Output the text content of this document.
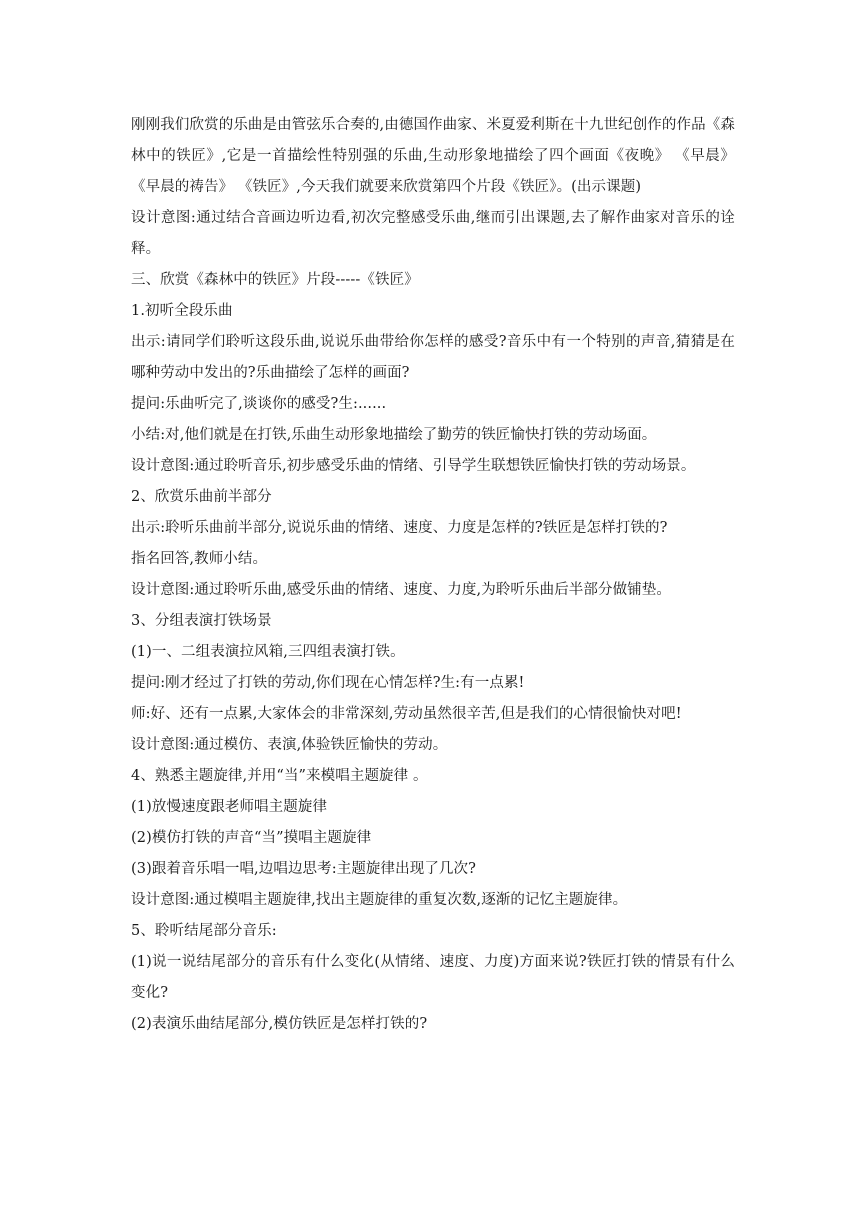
刚刚我们欣赏的乐曲是由管弦乐合奏的,由德国作曲家、米夏爱利斯在十九世纪创作的作品《森林中的铁匠》,它是一首描绘性特别强的乐曲,生动形象地描绘了四个画面《夜晚》 《早晨》 《早晨的祷告》 《铁匠》,今天我们就要来欣赏第四个片段《铁匠》。(出示课题)

设计意图:通过结合音画边听边看,初次完整感受乐曲,继而引出课题,去了解作曲家对音乐的诠释。

三、欣赏《森林中的铁匠》片段-----《铁匠》

1.初听全段乐曲

出示:请同学们聆听这段乐曲,说说乐曲带给你怎样的感受?音乐中有一个特别的声音,猜猜是在哪种劳动中发出的?乐曲描绘了怎样的画面?

提问:乐曲听完了,谈谈你的感受?生:......

小结:对,他们就是在打铁,乐曲生动形象地描绘了勤劳的铁匠愉快打铁的劳动场面。

设计意图:通过聆听音乐,初步感受乐曲的情绪、引导学生联想铁匠愉快打铁的劳动场景。

2、欣赏乐曲前半部分

出示:聆听乐曲前半部分,说说乐曲的情绪、速度、力度是怎样的?铁匠是怎样打铁的?

指名回答,教师小结。

设计意图:通过聆听乐曲,感受乐曲的情绪、速度、力度,为聆听乐曲后半部分做铺垫。

3、分组表演打铁场景

(1)一、二组表演拉风箱,三四组表演打铁。

提问:刚才经过了打铁的劳动,你们现在心情怎样?生:有一点累!

师:好、还有一点累,大家体会的非常深刻,劳动虽然很辛苦,但是我们的心情很愉快对吧!

设计意图:通过模仿、表演,体验铁匠愉快的劳动。

4、熟悉主题旋律,并用“当”来模唱主题旋律 。

(1)放慢速度跟老师唱主题旋律

(2)模仿打铁的声音“当”摸唱主题旋律

(3)跟着音乐唱一唱,边唱边思考:主题旋律出现了几次?

设计意图:通过模唱主题旋律,找出主题旋律的重复次数,逐渐的记忆主题旋律。

5、聆听结尾部分音乐:

(1)说一说结尾部分的音乐有什么变化(从情绪、速度、力度)方面来说?铁匠打铁的情景有什么变化?

(2)表演乐曲结尾部分,模仿铁匠是怎样打铁的?
